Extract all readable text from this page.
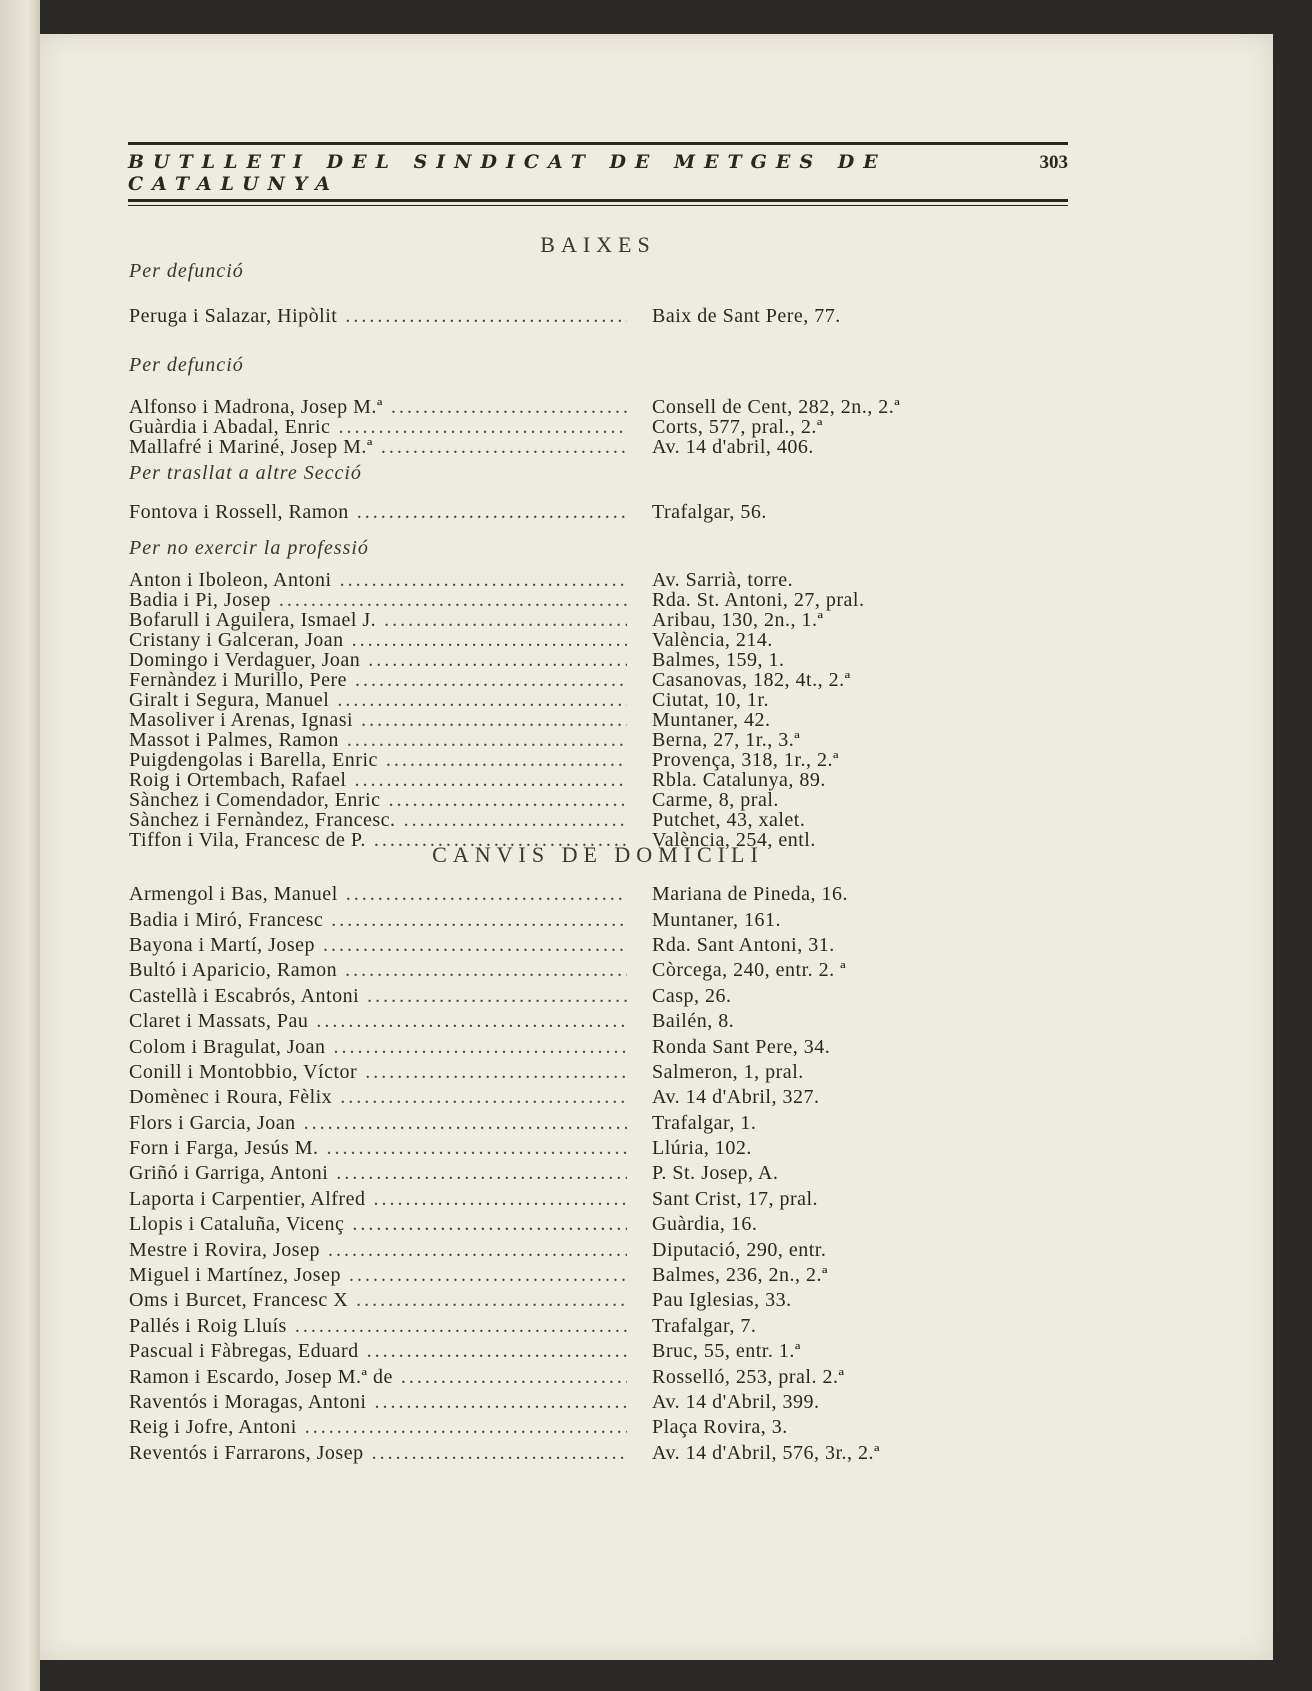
BUTLLETI DEL SINDICAT DE METGES DE CATALUNYA
303
BAIXES
Per defunció
Peruga i Salazar, Hipòlit .....	Baix de Sant Pere, 77.
Per defunció
Alfonso i Madrona, Josep M.ª .....	Consell de Cent, 282, 2n., 2.ª
Guàrdia i Abadal, Enric .....	Corts, 577, pral., 2.ª
Mallafré i Mariné, Josep M.ª .....	Av. 14 d'abril, 406.
Per trasllat a altre Secció
Fontova i Rossell, Ramon .....	Trafalgar, 56.
Per no exercir la professió
Anton i Iboleon, Antoni .....	Av. Sarrià, torre.
Badia i Pi, Josep .....	Rda. St. Antoni, 27, pral.
Bofarull i Aguilera, Ismael J. .....	Aribau, 130, 2n., 1.ª
Cristany i Galceran, Joan .....	València, 214.
Domingo i Verdaguer, Joan .....	Balmes, 159, 1.
Fernàndez i Murillo, Pere .....	Casanovas, 182, 4t., 2.ª
Giralt i Segura, Manuel .....	Ciutat, 10, 1r.
Masoliver i Arenas, Ignasi .....	Muntaner, 42.
Massot i Palmes, Ramon .....	Berna, 27, 1r., 3.ª
Puigdengolas i Barella, Enric .....	Provença, 318, 1r., 2.ª
Roig i Ortembach, Rafael .....	Rbla. Catalunya, 89.
Sànchez i Comendador, Enric .....	Carme, 8, pral.
Sànchez i Fernàndez, Francesc. .....	Putchet, 43, xalet.
Tiffon i Vila, Francesc de P. .....	València, 254, entl.
CANVIS DE DOMICILI
Armengol i Bas, Manuel .....	Mariana de Pineda, 16.
Badia i Miró, Francesc .....	Muntaner, 161.
Bayona i Martí, Josep .....	Rda. Sant Antoni, 31.
Bultó i Aparicio, Ramon .....	Còrcega, 240, entr. 2. ª
Castellà i Escabrós, Antoni .....	Casp, 26.
Claret i Massats, Pau .....	Bailén, 8.
Colom i Bragulat, Joan .....	Ronda Sant Pere, 34.
Conill i Montobbio, Víctor .....	Salmeron, 1, pral.
Domènec i Roura, Fèlix .....	Av. 14 d'Abril, 327.
Flors i Garcia, Joan .....	Trafalgar, 1.
Forn i Farga, Jesús M. .....	Llúria, 102.
Griñó i Garriga, Antoni .....	P. St. Josep, A.
Laporta i Carpentier, Alfred .....	Sant Crist, 17, pral.
Llopis i Cataluña, Vicenç .....	Guàrdia, 16.
Mestre i Rovira, Josep .....	Diputació, 290, entr.
Miguel i Martínez, Josep .....	Balmes, 236, 2n., 2.ª
Oms i Burcet, Francesc X .....	Pau Iglesias, 33.
Pallés i Roig Lluís .....	Trafalgar, 7.
Pascual i Fàbregas, Eduard .....	Bruc, 55, entr. 1.ª
Ramon i Escardo, Josep M.ª de .....	Rosselló, 253, pral. 2.ª
Raventós i Moragas, Antoni .....	Av. 14 d'Abril, 399.
Reig i Jofre, Antoni .....	Plaça Rovira, 3.
Reventós i Farrarons, Josep .....	Av. 14 d'Abril, 576, 3r., 2.ª
